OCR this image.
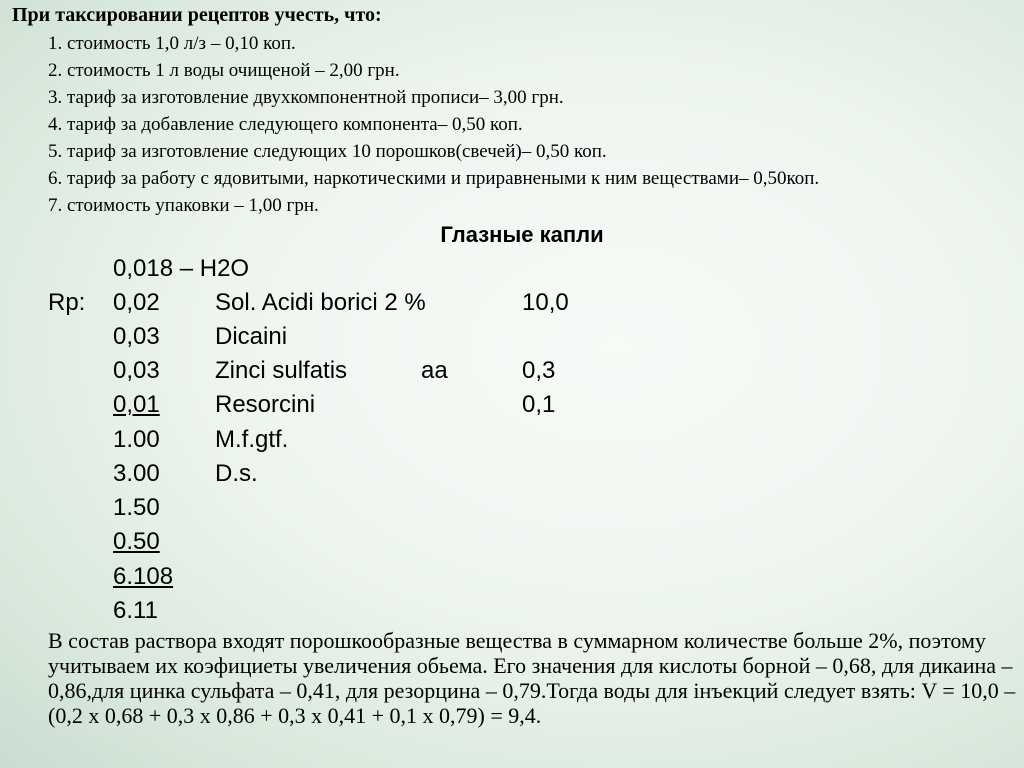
При таксировании рецептов учесть, что:
1. стоимость 1,0 л/з – 0,10 коп.
2. стоимость 1 л воды очищеной – 2,00 грн.
3. тариф за изготовление двухкомпонентной прописи– 3,00 грн.
4. тариф за добавление следующего компонента– 0,50 коп.
5. тариф за изготовление следующих 10 порошков(свечей)– 0,50 коп.
6. тариф за работу с ядовитыми, наркотическими и приравнеными к ним веществами– 0,50коп.
7. стоимость упаковки – 1,00 грн.
Глазные капли
Rp:
0,018 – H2O
0,02
0,03
0,03
0,01
1.00
3.00
1.50
0.50
6.108
6.11
Sol. Acidi borici 2 %
Dicaini
Zinci sulfatis
Resorcini
M.f.gtf.
D.s.
aa
10,0
0,3
0,1
В состав раствора входят порошкообразные вещества в суммарном количестве больше 2%, поэтому учитываем их коэфициеты увеличения обьема. Его значения для кислоты борной – 0,68, для дикаина – 0,86,для цинка сульфата – 0,41, для резорцина – 0,79.Тогда воды для інъекций следует взять: V = 10,0 – (0,2 х 0,68 + 0,3 х 0,86 + 0,3 х 0,41 + 0,1 х 0,79) = 9,4.
